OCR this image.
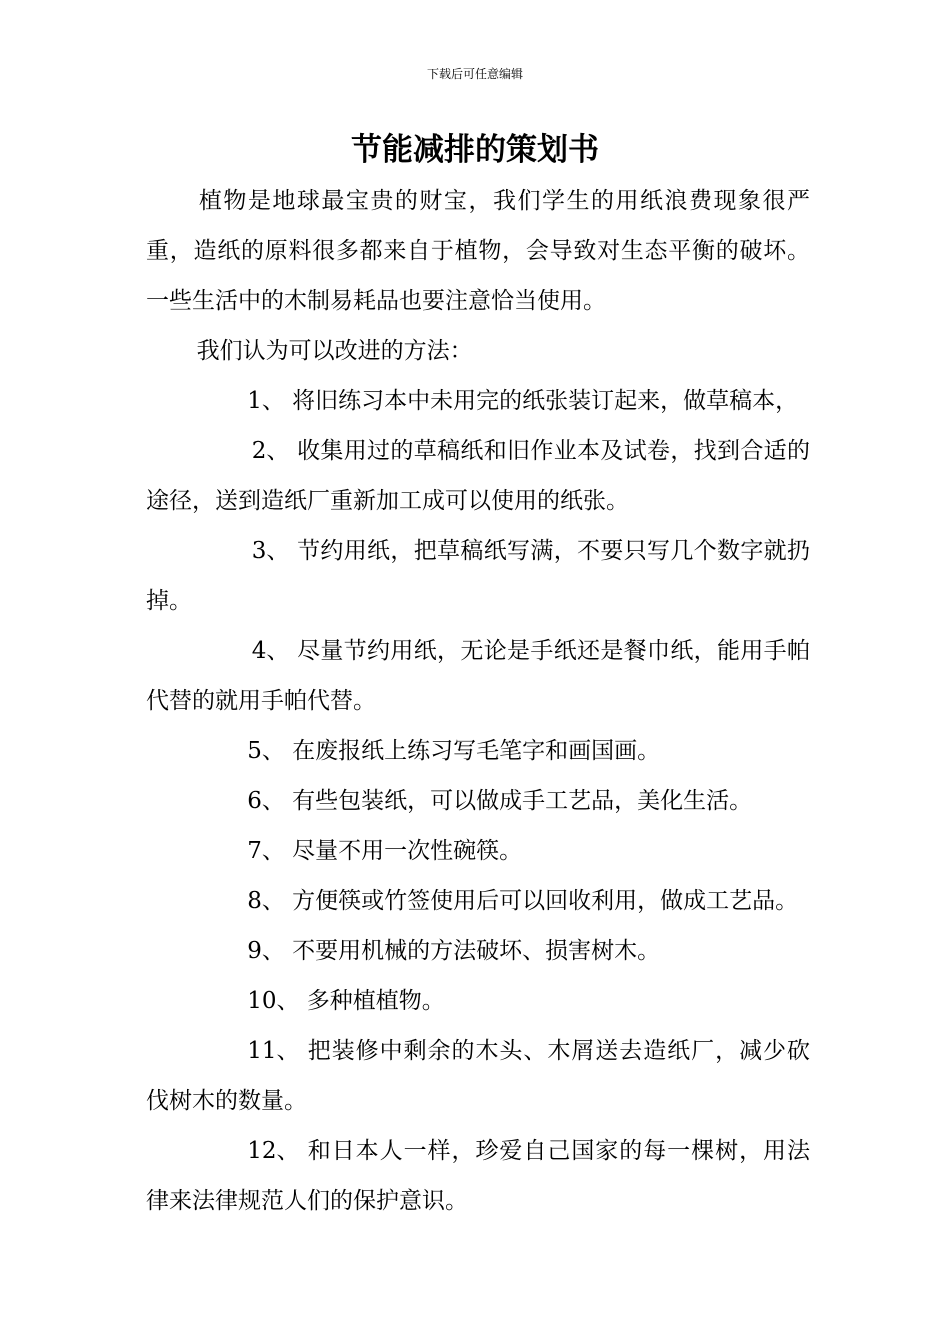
下载后可任意编辑
节能减排的策划书

植物是地球最宝贵的财宝，我们学生的用纸浪费现象很严重，造纸的原料很多都来自于植物，会导致对生态平衡的破坏。一些生活中的木制易耗品也要注意恰当使用。

我们认为可以改进的方法：

1、 将旧练习本中未用完的纸张装订起来，做草稿本，

2、 收集用过的草稿纸和旧作业本及试卷，找到合适的途径，送到造纸厂重新加工成可以使用的纸张。

3、 节约用纸，把草稿纸写满，不要只写几个数字就扔掉。

4、 尽量节约用纸，无论是手纸还是餐巾纸，能用手帕代替的就用手帕代替。

5、 在废报纸上练习写毛笔字和画国画。

6、 有些包装纸，可以做成手工艺品，美化生活。

7、 尽量不用一次性碗筷。

8、 方便筷或竹签使用后可以回收利用，做成工艺品。

9、 不要用机械的方法破坏、损害树木。

10、 多种植植物。

11、 把装修中剩余的木头、木屑送去造纸厂，减少砍伐树木的数量。

12、 和日本人一样，珍爱自己国家的每一棵树，用法律来法律规范人们的保护意识。
